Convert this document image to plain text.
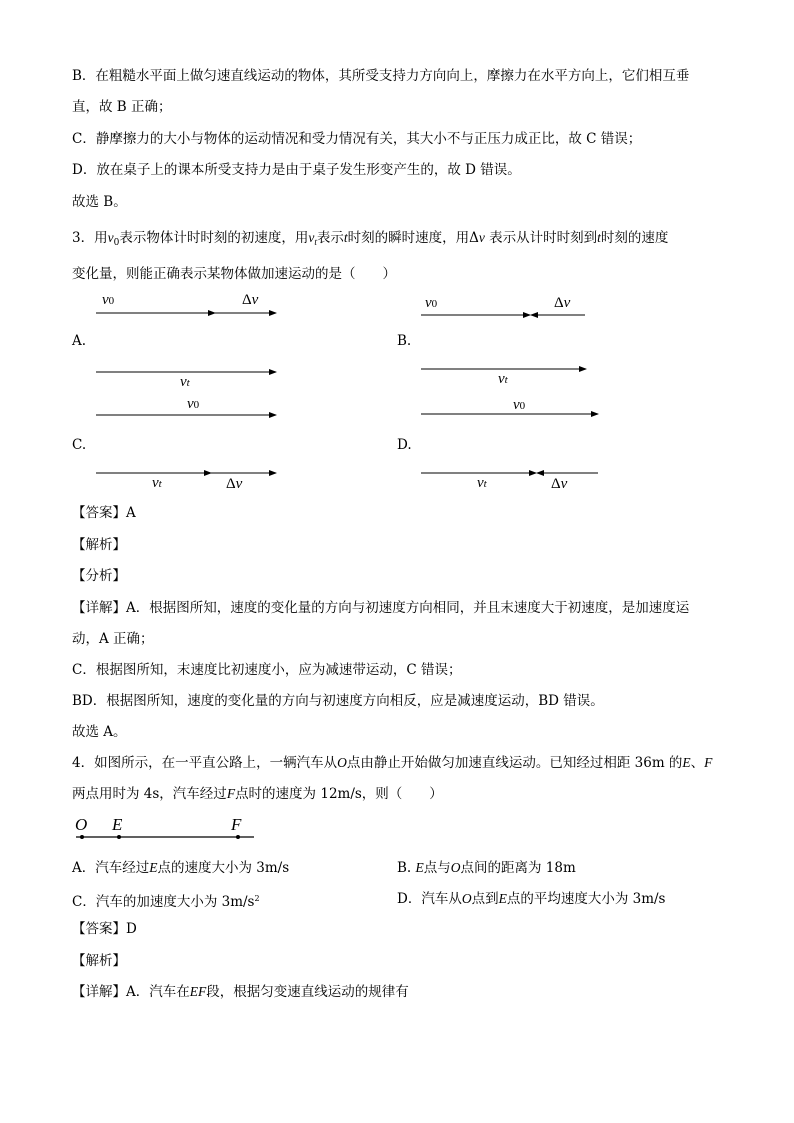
B．在粗糙水平面上做匀速直线运动的物体，其所受支持力方向向上，摩擦力在水平方向上，它们相互垂
直，故 B 正确；
C．静摩擦力的大小与物体的运动情况和受力情况有关，其大小不与正压力成正比，故 C 错误；
D．放在桌子上的课本所受支持力是由于桌子发生形变产生的，故 D 错误。
故选 B。
3．用$v_0$表示物体计时时刻的初速度，用$v_t$表示t时刻的瞬时速度，用Δv 表示从计时时刻到t时刻的速度
变化量，则能正确表示某物体做加速运动的是（　　）
A.
v0	Δv
vt
B.
v0	Δv
vt
v0
C.
vt	Δv
v0
D.
vt	Δv
【答案】A
【解析】
【分析】
【详解】A．根据图所知，速度的变化量的方向与初速度方向相同，并且末速度大于初速度，是加速度运
动，A 正确；
C．根据图所知，末速度比初速度小，应为减速带运动，C 错误；
BD．根据图所知，速度的变化量的方向与初速度方向相反，应是减速度运动，BD 错误。
故选 A。
4．如图所示，在一平直公路上，一辆汽车从O点由静止开始做匀加速直线运动。已知经过相距 36m 的E、F
两点用时为 4s，汽车经过F点时的速度为 12m/s，则（　　）
O E	F
A．汽车经过E点的速度大小为 3m/s	B. E点与O点间的距离为 18m
C．汽车的加速度大小为 $3m/s^2$	D．汽车从O点到E点的平均速度大小为 3m/s
【答案】D
【解析】
【详解】A．汽车在EF段，根据匀变速直线运动的规律有
